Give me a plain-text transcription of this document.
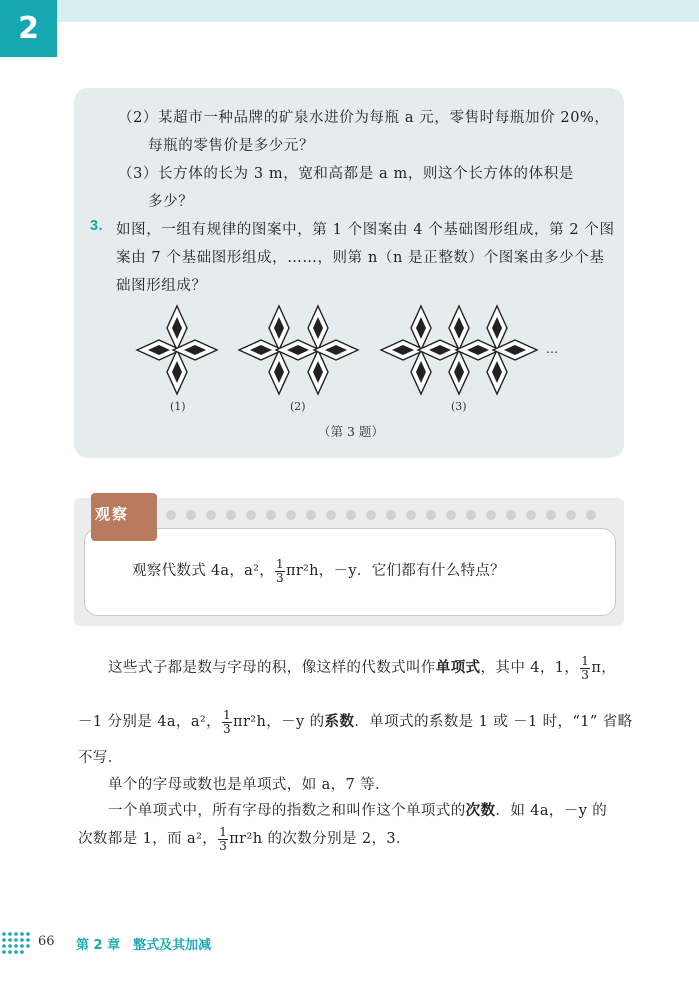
2
（2）某超市一种品牌的矿泉水进价为每瓶 a 元，零售时每瓶加价 20%，
每瓶的零售价是多少元？
（3）长方体的长为 3 m，宽和高都是 a m，则这个长方体的体积是
多少？
3. 如图，一组有规律的图案中，第 1 个图案由 4 个基础图形组成，第 2 个图
案由 7 个基础图形组成，……，则第 n（n 是正整数）个图案由多少个基
础图形组成？
…
(1)	(2)	(3)
（第 3 题）
观察
观察代数式 4a，a²， $\frac{1}{3} \pi r^2h$，－y．它们都有什么特点？
这些式子都是数与字母的积，像这样的代数式叫作单项式，其中 4，1， $\frac{1}{3}$ π，
－1 分别是 4a，a²， $\frac{1}{3} \pi r^2h$，－y 的系数．单项式的系数是 1 或 －1 时，“1” 省略
不写．
单个的字母或数也是单项式，如 a，7 等．
一个单项式中，所有字母的指数之和叫作这个单项式的次数．如 4a，－y 的
次数都是 1，而 a²， $\frac{1}{3} \pi r^2h$ 的次数分别是 2，3．
66 第 2 章　整式及其加减
